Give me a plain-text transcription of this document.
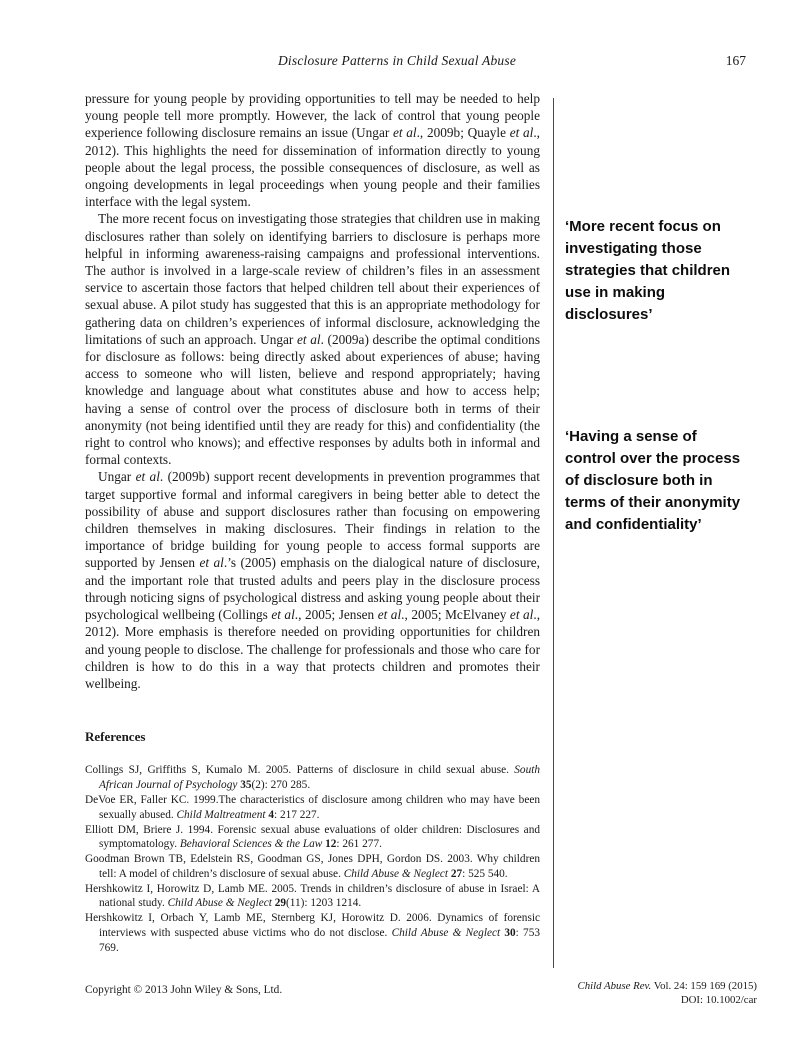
Disclosure Patterns in Child Sexual Abuse	167

pressure for young people by providing opportunities to tell may be needed to help young people tell more promptly. However, the lack of control that young people experience following disclosure remains an issue (Ungar et al., 2009b; Quayle et al., 2012). This highlights the need for dissemination of information directly to young people about the legal process, the possible consequences of disclosure, as well as ongoing developments in legal proceedings when young people and their families interface with the legal system.

The more recent focus on investigating those strategies that children use in making disclosures rather than solely on identifying barriers to disclosure is perhaps more helpful in informing awareness-raising campaigns and professional interventions. The author is involved in a large-scale review of children’s files in an assessment service to ascertain those factors that helped children tell about their experiences of sexual abuse. A pilot study has suggested that this is an appropriate methodology for gathering data on children’s experiences of informal disclosure, acknowledging the limitations of such an approach. Ungar et al. (2009a) describe the optimal conditions for disclosure as follows: being directly asked about experiences of abuse; having access to someone who will listen, believe and respond appropriately; having knowledge and language about what constitutes abuse and how to access help; having a sense of control over the process of disclosure both in terms of their anonymity (not being identified until they are ready for this) and confidentiality (the right to control who knows); and effective responses by adults both in informal and formal contexts.

Ungar et al. (2009b) support recent developments in prevention programmes that target supportive formal and informal caregivers in being better able to detect the possibility of abuse and support disclosures rather than focusing on empowering children themselves in making disclosures. Their findings in relation to the importance of bridge building for young people to access formal supports are supported by Jensen et al.’s (2005) emphasis on the dialogical nature of disclosure, and the important role that trusted adults and peers play in the disclosure process through noticing signs of psychological distress and asking young people about their psychological wellbeing (Collings et al., 2005; Jensen et al., 2005; McElvaney et al., 2012). More emphasis is therefore needed on providing opportunities for children and young people to disclose. The challenge for professionals and those who care for children is how to do this in a way that protects children and promotes their wellbeing.

References

Collings SJ, Griffiths S, Kumalo M. 2005. Patterns of disclosure in child sexual abuse. South African Journal of Psychology 35(2): 270 285.

DeVoe ER, Faller KC. 1999.The characteristics of disclosure among children who may have been sexually abused. Child Maltreatment 4: 217 227.

Elliott DM, Briere J. 1994. Forensic sexual abuse evaluations of older children: Disclosures and symptomatology. Behavioral Sciences & the Law 12: 261 277.

Goodman Brown TB, Edelstein RS, Goodman GS, Jones DPH, Gordon DS. 2003. Why children tell: A model of children’s disclosure of sexual abuse. Child Abuse & Neglect 27: 525 540.

Hershkowitz I, Horowitz D, Lamb ME. 2005. Trends in children’s disclosure of abuse in Israel: A national study. Child Abuse & Neglect 29(11): 1203 1214.

Hershkowitz I, Orbach Y, Lamb ME, Sternberg KJ, Horowitz D. 2006. Dynamics of forensic interviews with suspected abuse victims who do not disclose. Child Abuse & Neglect 30: 753 769.

‘More recent focus on investigating those strategies that children use in making disclosures’
‘Having a sense of control over the process of disclosure both in terms of their anonymity and confidentiality’
Copyright © 2013 John Wiley & Sons, Ltd.	Child Abuse Rev. Vol. 24: 159 169 (2015)
DOI: 10.1002/car
